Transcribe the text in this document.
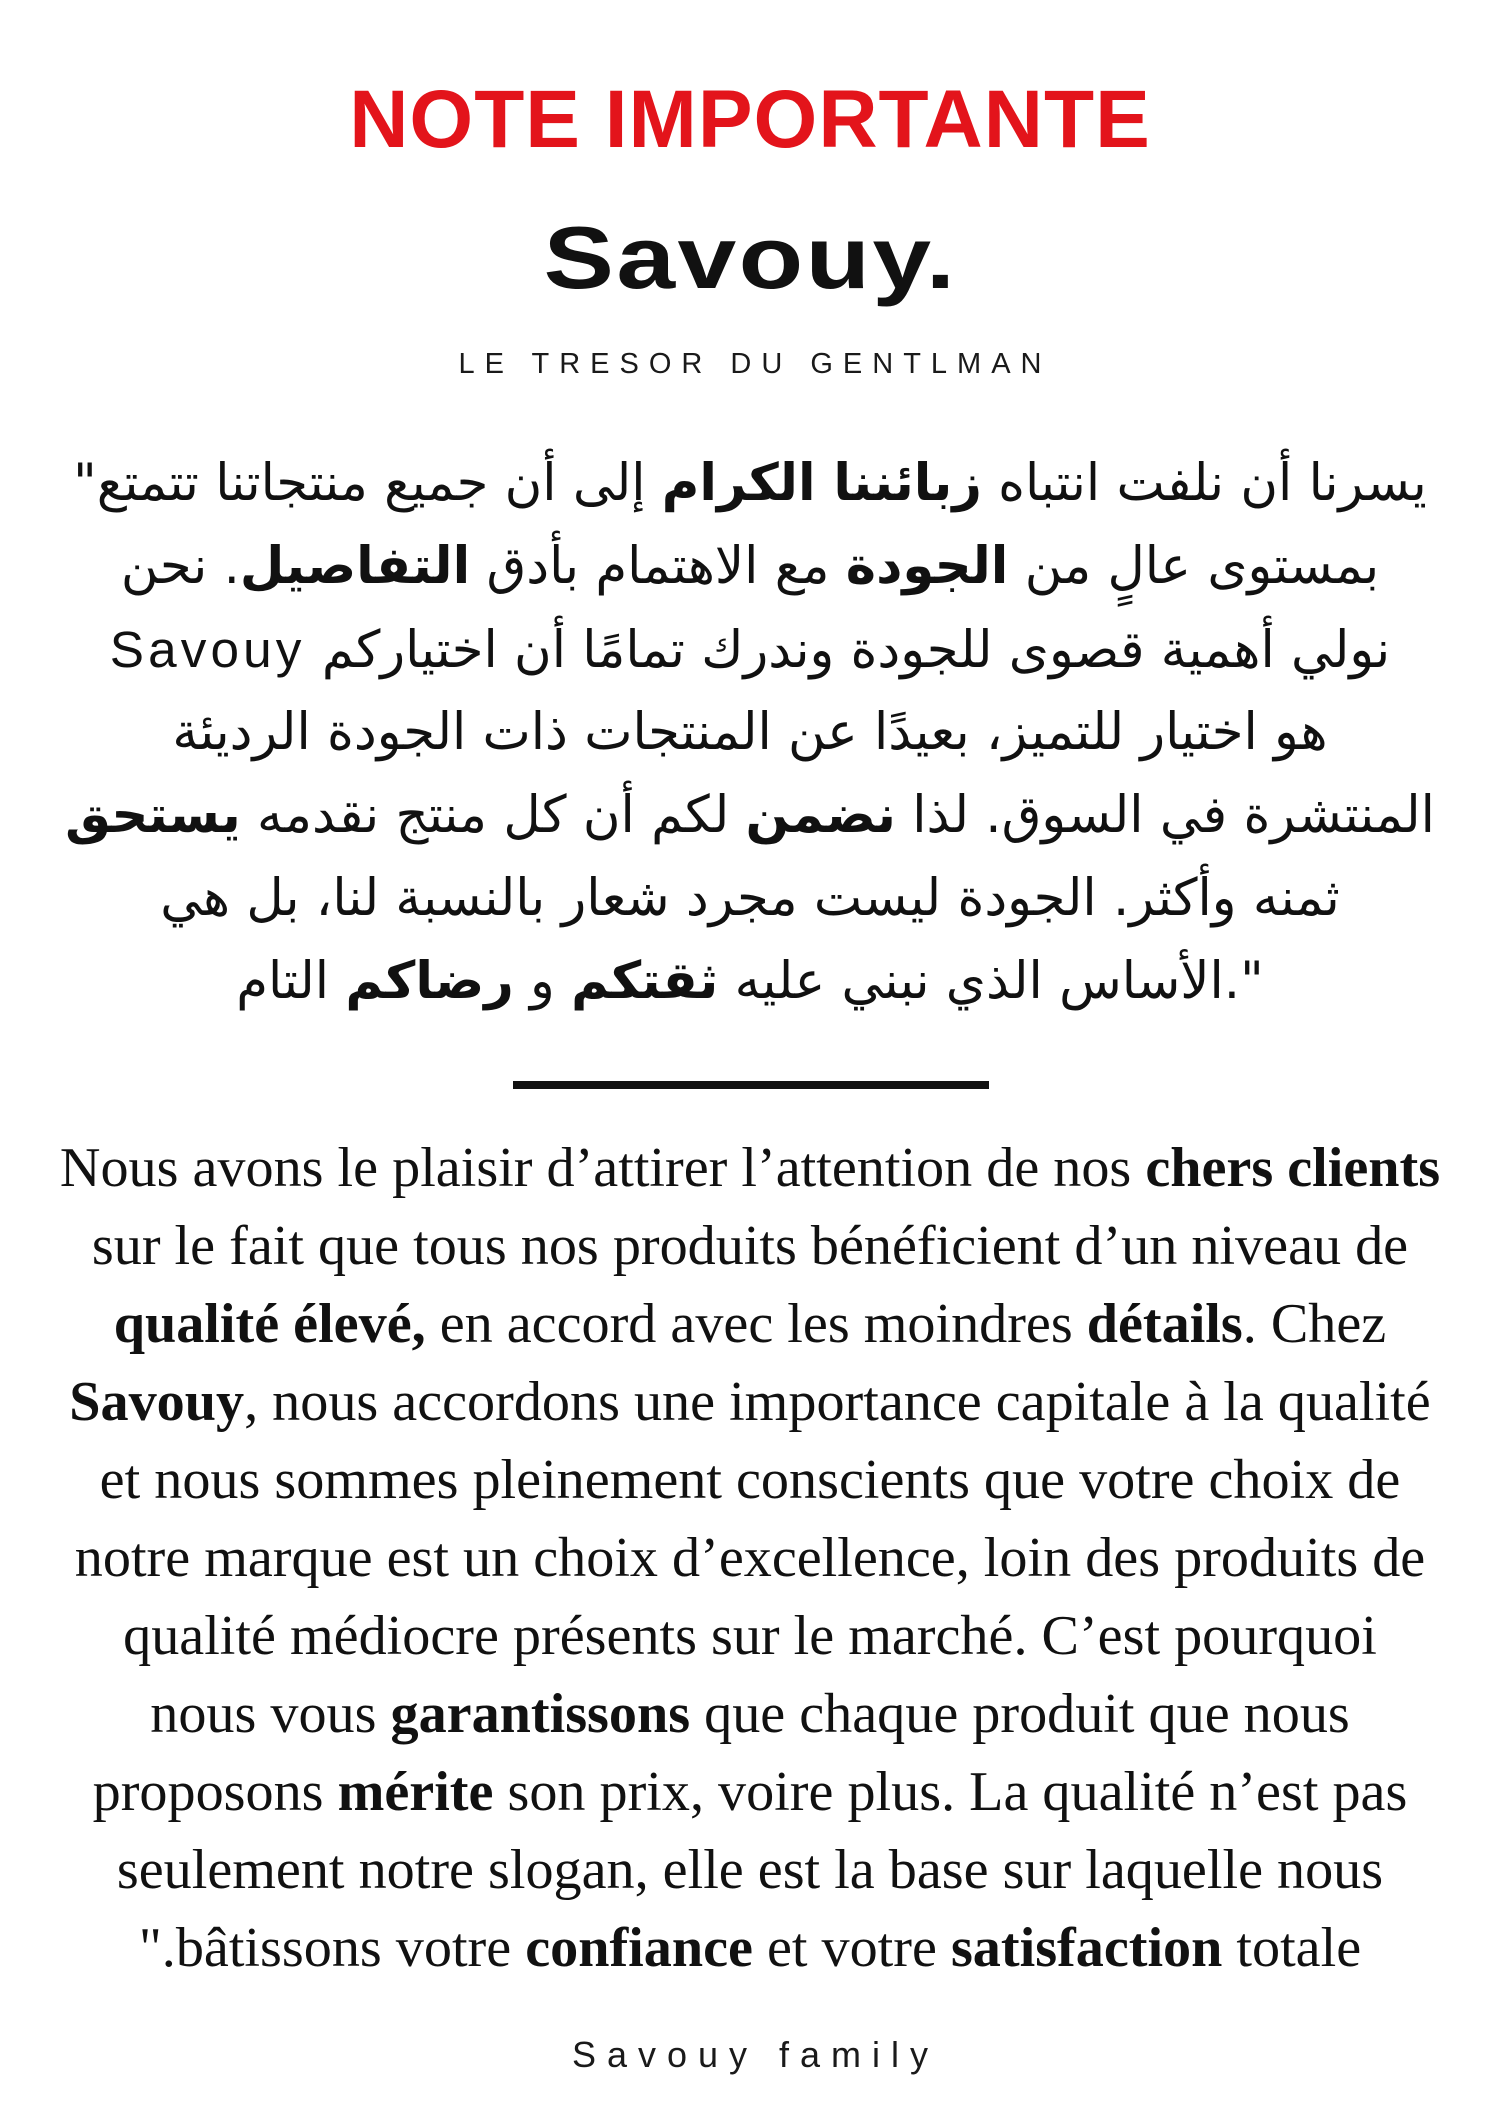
NOTE IMPORTANTE
Savouy.
LE TRESOR DU GENTLMAN
يسرنا أن نلفت انتباه زبائننا الكرام إلى أن جميع منتجاتنا تتمتع"
بمستوى عالٍ من الجودة مع الاهتمام بأدق التفاصيل. نحن
نولي أهمية قصوى للجودة وندرك تمامًا أن اختياركم Savouy
هو اختيار للتميز، بعيدًا عن المنتجات ذات الجودة الرديئة
المنتشرة في السوق. لذا نضمن لكم أن كل منتج نقدمه يستحق
ثمنه وأكثر. الجودة ليست مجرد شعار بالنسبة لنا، بل هي
".الأساس الذي نبني عليه ثقتكم و رضاكم التام
Nous avons le plaisir d’attirer l’attention de nos chers clients
sur le fait que tous nos produits bénéficient d’un niveau de
qualité élevé, en accord avec les moindres détails. Chez
Savouy, nous accordons une importance capitale à la qualité
et nous sommes pleinement conscients que votre choix de
notre marque est un choix d’excellence, loin des produits de
qualité médiocre présents sur le marché. C’est pourquoi
nous vous garantissons que chaque produit que nous
proposons mérite son prix, voire plus. La qualité n’est pas
seulement notre slogan, elle est la base sur laquelle nous
".bâtissons votre confiance et votre satisfaction totale
Savouy family
